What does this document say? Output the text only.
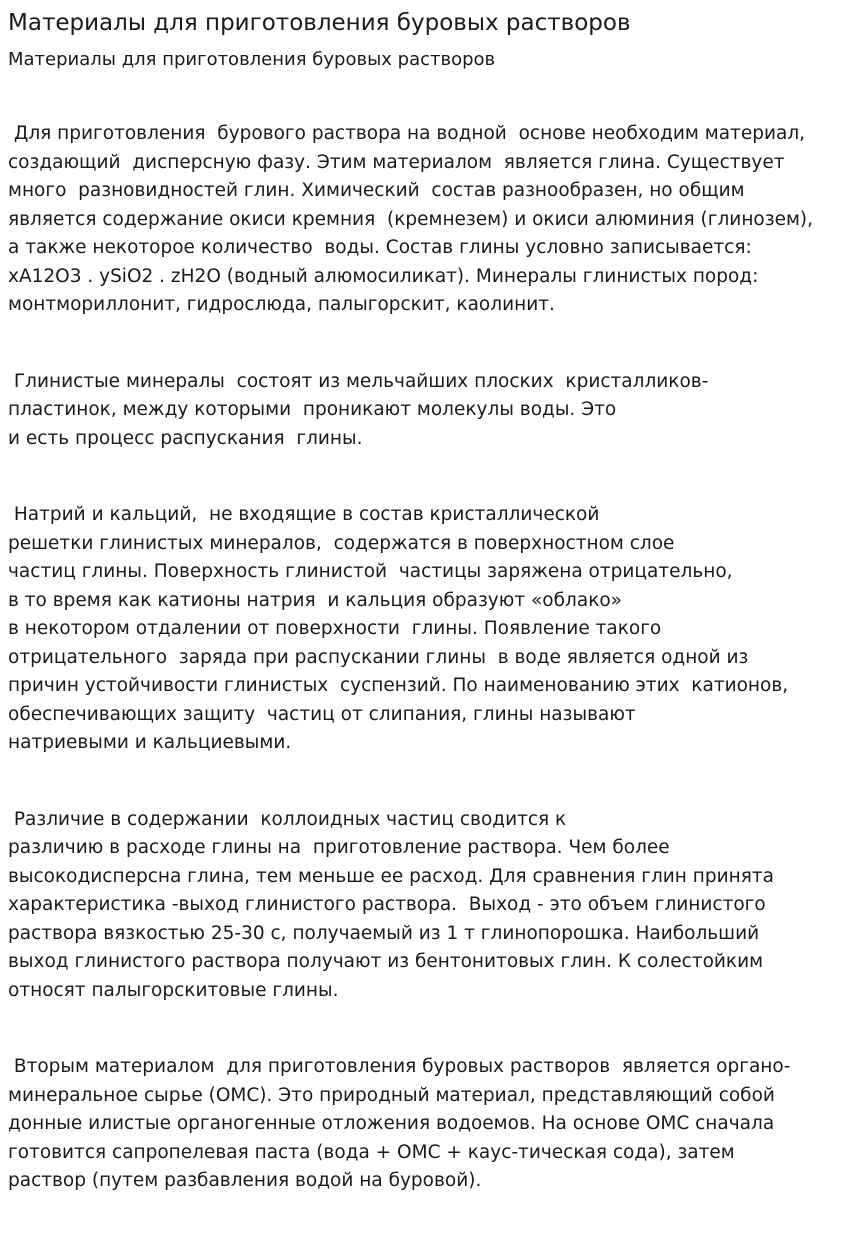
Материалы для приготовления буровых растворов
Материалы для приготовления буровых растворов
Для приготовления  бурового раствора на водной  основе необходим материал,
создающий  дисперсную фазу. Этим материалом  является глина. Существует
много  разновидностей глин. Химический  состав разнообразен, но общим
является содержание окиси кремния  (кремнезем) и окиси алюминия (глинозем),
а также некоторое количество  воды. Состав глины условно записывается:
хА12O3 . уSiO2 . zH2O (водный алюмосиликат). Минералы глинистых пород:
монтмориллонит, гидрослюда, палыгорскит, каолинит.
Глинистые минералы  состоят из мельчайших плоских  кристалликов-
пластинок, между которыми  проникают молекулы воды. Это
и есть процесс распускания  глины.
Натрий и кальций,  не входящие в состав кристаллической
решетки глинистых минералов,  содержатся в поверхностном слое
частиц глины. Поверхность глинистой  частицы заряжена отрицательно,
в то время как катионы натрия  и кальция образуют «облако»
в некотором отдалении от поверхности  глины. Появление такого
отрицательного  заряда при распускании глины  в воде является одной из
причин устойчивости глинистых  суспензий. По наименованию этих  катионов,
обеспечивающих защиту  частиц от слипания, глины называют
натриевыми и кальциевыми.
Различие в содержании  коллоидных частиц сводится к
различию в расходе глины на  приготовление раствора. Чем более
высокодисперсна глина, тем меньше ее расход. Для сравнения глин принята
характеристика -выход глинистого раствора.  Выход - это объем глинистого
раствора вязкостью 25-30 с, получаемый из 1 т глинопорошка. Наибольший
выход глинистого раствора получают из бентонитовых глин. К солестойким
относят палыгорскитовые глины.
Вторым материалом  для приготовления буровых растворов  является органо-
минеральное сырье (ОМС). Это природный материал, представляющий собой
донные илистые органогенные отложения водоемов. На основе ОМС сначала
готовится сапропелевая паста (вода + ОМС + каус-тическая сода), затем
раствор (путем разбавления водой на буровой).
